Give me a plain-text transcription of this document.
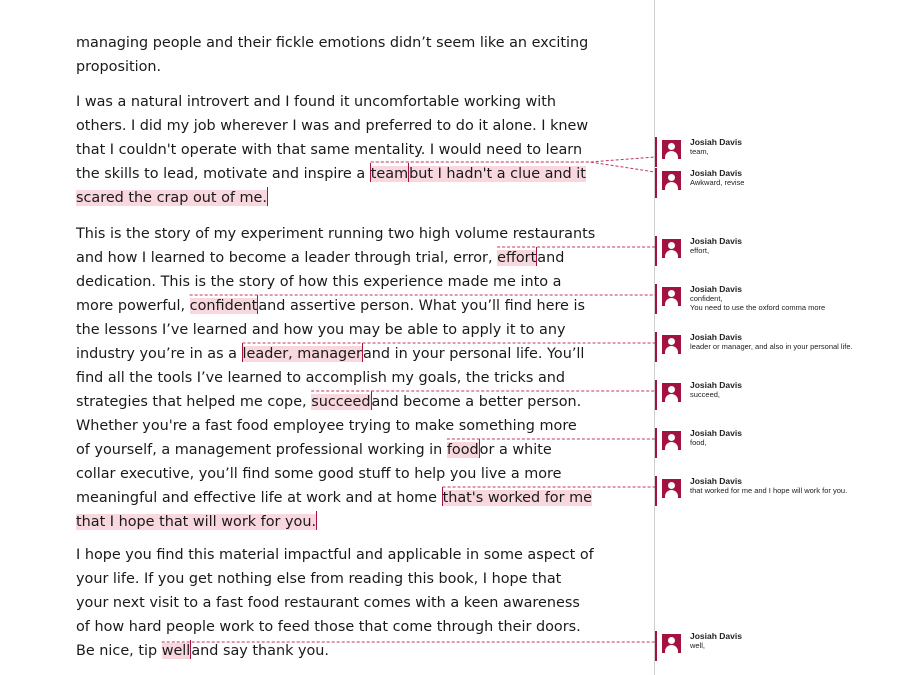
managing people and their fickle emotions didn’t seem like an exciting
proposition.

I was a natural introvert and I found it uncomfortable working with
others. I did my job wherever I was and preferred to do it alone. I knew
that I couldn't operate with that same mentality. I would need to learn
the skills to lead, motivate and inspire a teambut I hadn't a clue and it
scared the crap out of me.

This is the story of my experiment running two high volume restaurants
and how I learned to become a leader through trial, error, effortand
dedication. This is the story of how this experience made me into a
more powerful, confidentand assertive person. What you’ll find here is
the lessons I’ve learned and how you may be able to apply it to any
industry you’re in as a leader, managerand in your personal life. You’ll
find all the tools I’ve learned to accomplish my goals, the tricks and
strategies that helped me cope, succeedand become a better person.
Whether you're a fast food employee trying to make something more
of yourself, a management professional working in foodor a white
collar executive, you’ll find some good stuff to help you live a more
meaningful and effective life at work and at home that's worked for me
that I hope that will work for you.

I hope you find this material impactful and applicable in some aspect of
your life. If you get nothing else from reading this book, I hope that
your next visit to a fast food restaurant comes with a keen awareness
of how hard people work to feed those that come through their doors.
Be nice, tip welland say thank you.

Josiah Davis
team,
Josiah Davis
Awkward, revise
Josiah Davis
effort,
Josiah Davis
confident,
You need to use the oxford comma more
Josiah Davis
leader or manager, and also in your personal life.
Josiah Davis
succeed,
Josiah Davis
food,
Josiah Davis
that worked for me and I hope will work for you.
Josiah Davis
well,
